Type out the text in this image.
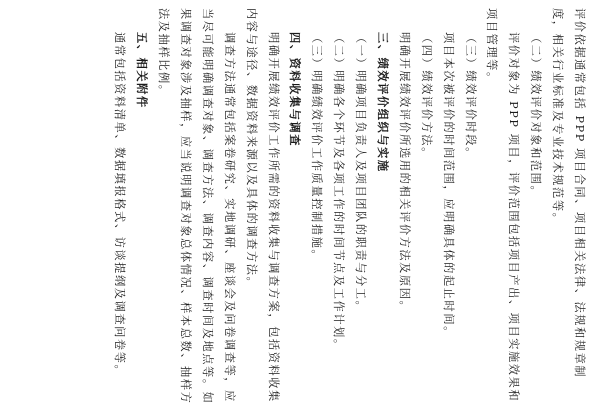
评价依据通常包括 PPP 项目合同、项目相关法律、法规和规章制
度，相关行业标准及专业技术规范等。
（二）绩效评价对象和范围。
评价对象为 PPP 项目，评价范围包括项目产出、项目实施效果和
项目管理等。
（三）绩效评价时段。
项目本次被评价的时间范围，应明确具体的起止时间。
（四）绩效评价方法。
明确开展绩效评价所选用的相关评价方法及原因。
三、绩效评价组织与实施
（一）明确项目负责人及项目团队的职责与分工。
（二）明确各个环节及各项工作的时间节点及工作计划。
（三）明确绩效评价工作质量控制措施。
四、资料收集与调查
明确开展绩效评价工作所需的资料收集与调查方案，包括资料收集
内容与途径、数据资料来源以及具体的调查方法。
调查方法通常包括案卷研究、实地调研、座谈会及问卷调查等，应
当尽可能明确调查对象、调查方法、调查内容、调查时间及地点等。如
果调查对象涉及抽样，应当说明调查对象总体情况、样本总数、抽样方
法及抽样比例。
五、相关附件
通常包括资料清单、数据填报格式、访谈提纲及调查问卷等。
